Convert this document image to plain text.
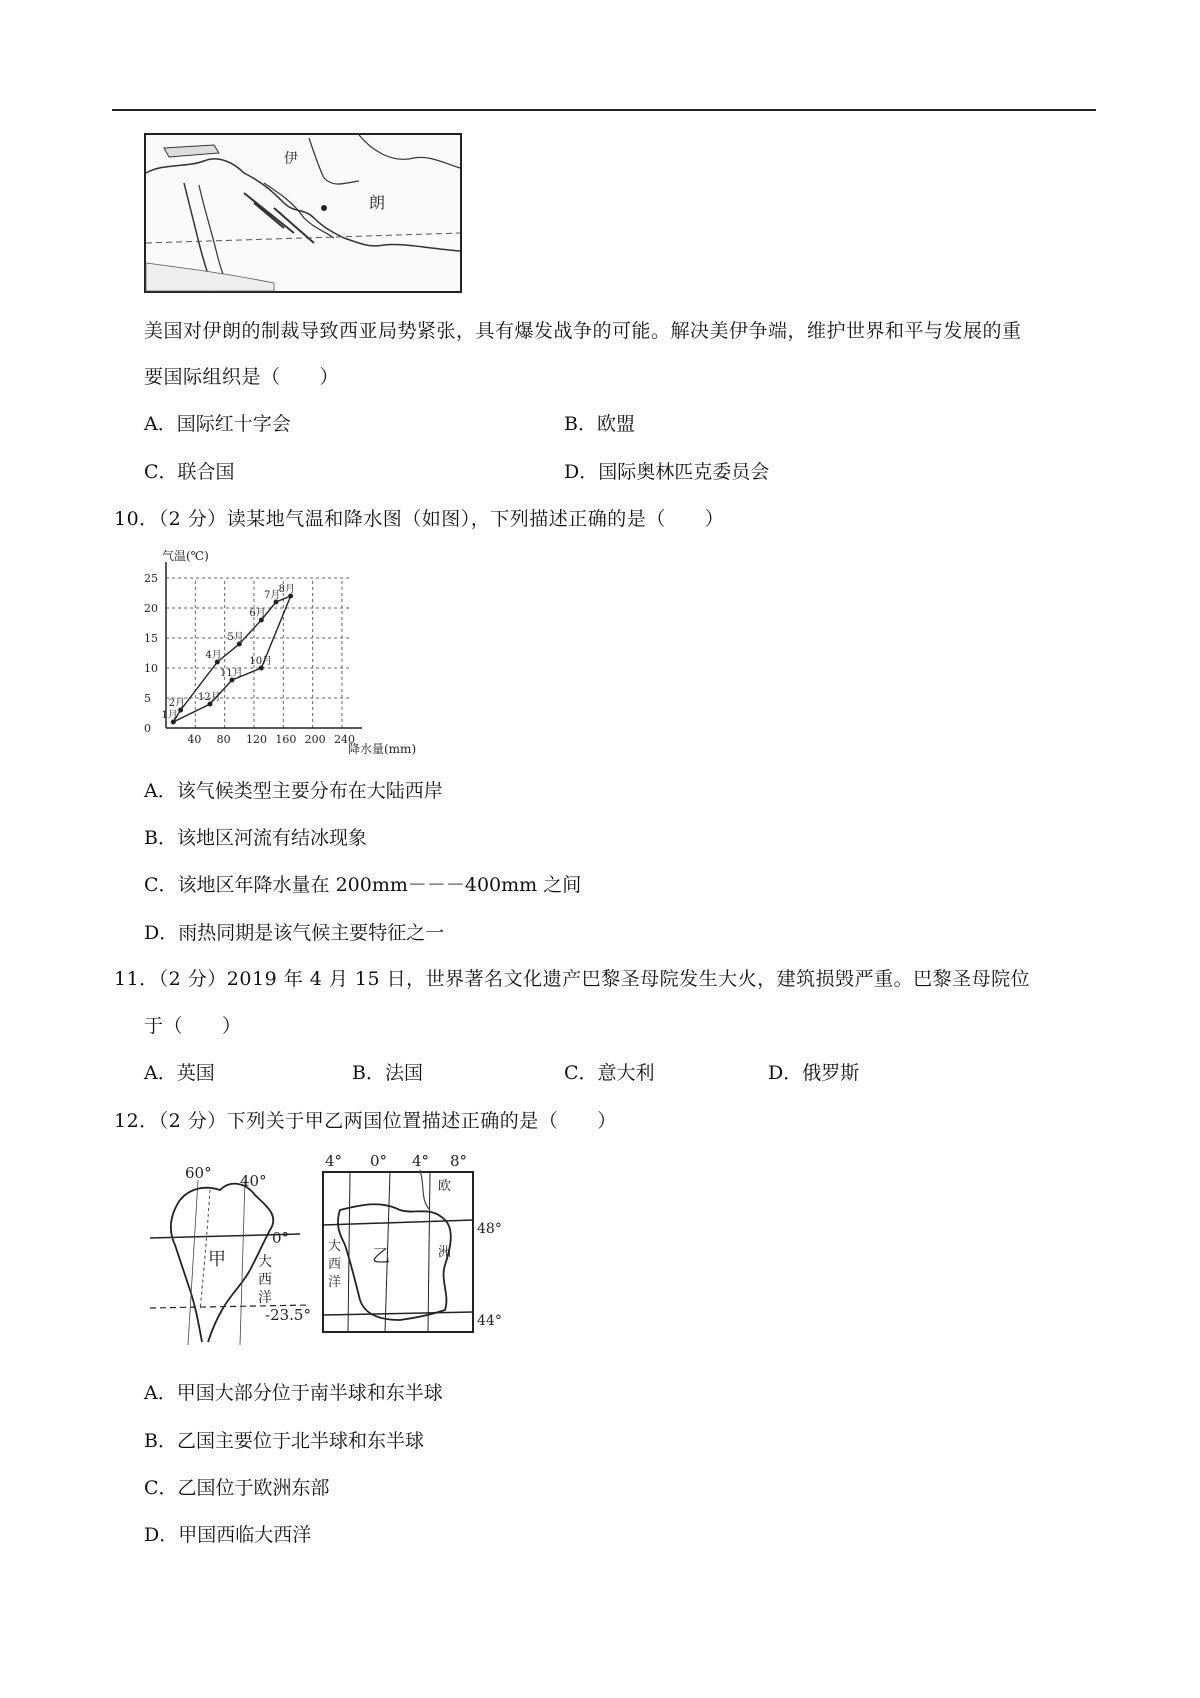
伊
朗
美国对伊朗的制裁导致西亚局势紧张，具有爆发战争的可能。解决美伊争端，维护世界和平与发展的重
要国际组织是（　　）
A．国际红十字会	B．欧盟
C．联合国	D．国际奥林匹克委员会
10．（2 分）读某地气温和降水图（如图），下列描述正确的是（　　）
气温(℃)
降水量(mm)
1月
2月
4月
5月
6月
7月
8月
10月
11月
12月
25
20
15
10
5
0
40 80 120 160 200 240
A．该气候类型主要分布在大陆西岸
B．该地区河流有结冰现象
C．该地区年降水量在 200mm－－－400mm 之间
D．雨热同期是该气候主要特征之一
11．（2 分）2019 年 4 月 15 日，世界著名文化遗产巴黎圣母院发生大火，建筑损毁严重。巴黎圣母院位
于（　　）
A．英国	B．法国	C．意大利	D．俄罗斯
12．（2 分）下列关于甲乙两国位置描述正确的是（　　）
60° 40°
0°
甲 大
西
洋
-23.5°
4° 0° 4° 8°
欧
48°
大
西
洋
乙	洲
44°
A．甲国大部分位于南半球和东半球
B．乙国主要位于北半球和东半球
C．乙国位于欧洲东部
D．甲国西临大西洋
